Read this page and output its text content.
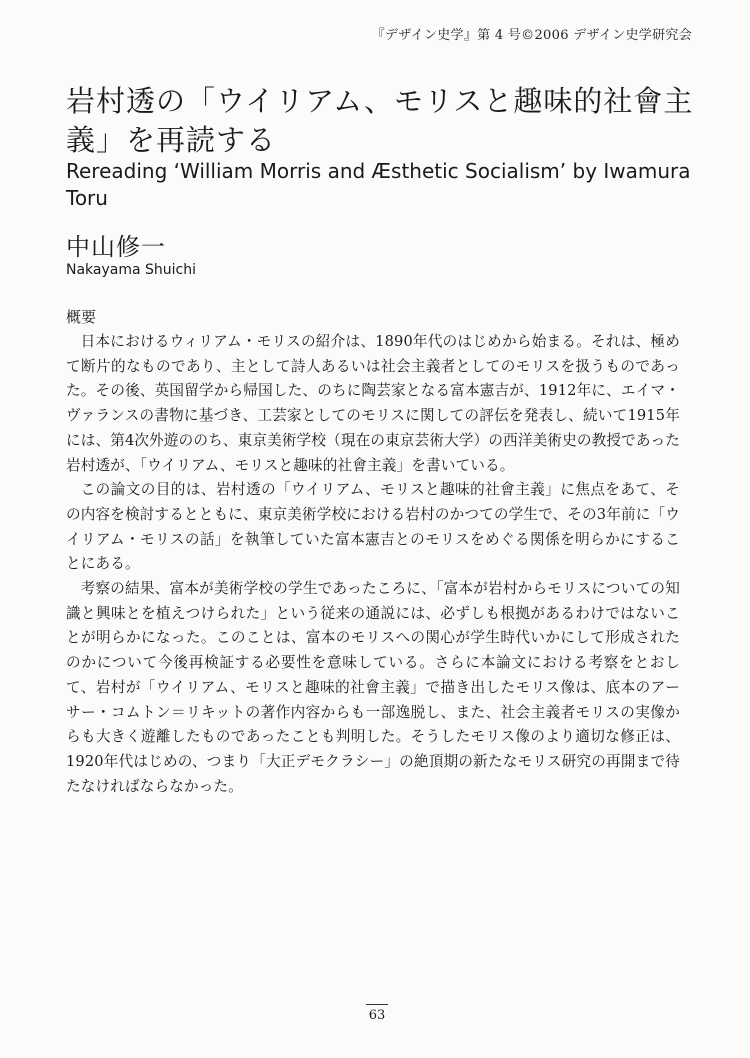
『デザイン史学』第 4 号©2006 デザイン史学研究会
岩村透の「ウイリアム、モリスと趣味的社會主義」を再読する
Rereading ‘William Morris and Æsthetic Socialism’ by Iwamura Toru
中山修一
Nakayama Shuichi
概要

日本におけるウィリアム・モリスの紹介は、1890年代のはじめから始まる。それは、極めて断片的なものであり、主として詩人あるいは社会主義者としてのモリスを扱うものであった。その後、英国留学から帰国した、のちに陶芸家となる富本憲吉が、1912年に、エイマ・ヴァランスの書物に基づき、工芸家としてのモリスに関しての評伝を発表し、続いて1915年には、第4次外遊ののち、東京美術学校（現在の東京芸術大学）の西洋美術史の教授であった岩村透が、「ウイリアム、モリスと趣味的社會主義」を書いている。

この論文の目的は、岩村透の「ウイリアム、モリスと趣味的社會主義」に焦点をあて、その内容を検討するとともに、東京美術学校における岩村のかつての学生で、その3年前に「ウイリアム・モリスの話」を執筆していた富本憲吉とのモリスをめぐる関係を明らかにすることにある。

考察の結果、富本が美術学校の学生であったころに、「富本が岩村からモリスについての知識と興味とを植えつけられた」という従来の通説には、必ずしも根拠があるわけではないことが明らかになった。このことは、富本のモリスへの関心が学生時代いかにして形成されたのかについて今後再検証する必要性を意味している。さらに本論文における考察をとおして、岩村が「ウイリアム、モリスと趣味的社會主義」で描き出したモリス像は、底本のアーサー・コムトン＝リキットの著作内容からも一部逸脱し、また、社会主義者モリスの実像からも大きく遊離したものであったことも判明した。そうしたモリス像のより適切な修正は、1920年代はじめの、つまり「大正デモクラシー」の絶頂期の新たなモリス研究の再開まで待たなければならなかった。

63
